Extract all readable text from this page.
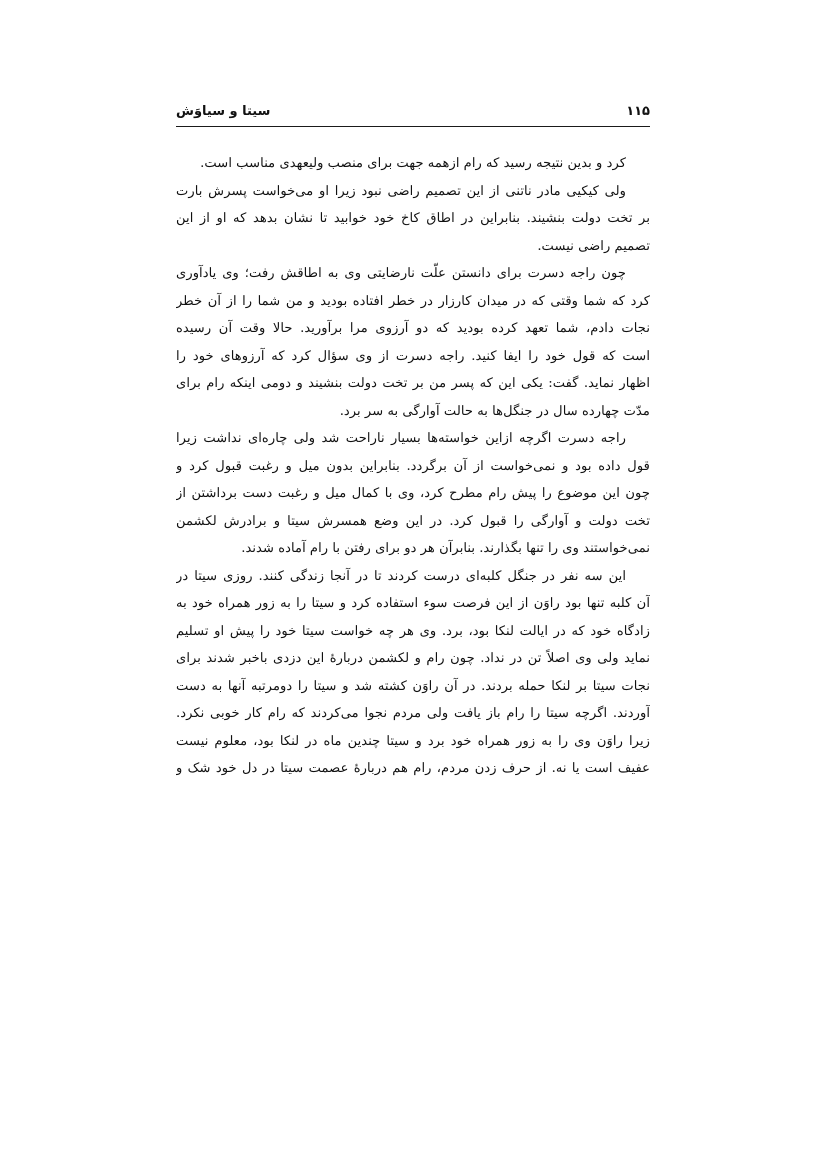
۱۱۵
سیتا و سیاوَش
کرد و بدین نتیجه رسید که رام ازهمه جهت برای منصب ولیعهدی مناسب است.
ولی کیکیی مادر ناتنی از این تصمیم راضی نبود زیرا او می‌خواست پسرش بارت
بر تخت دولت بنشیند. بنابراین در اطاق کاخ خود خوابید تا نشان بدهد که او از این
تصمیم راضی نیست.
چون راجه دسرت برای دانستن علّت نارضایتی وی به اطاقش رفت؛ وی یادآوری
کرد که شما وقتی که در میدان کارزار در خطر افتاده بودید و من شما را از آن خطر
نجات دادم، شما تعهد کرده بودید که دو آرزوی مرا برآورید. حالا وقت آن رسیده
است که قول خود را ایفا کنید. راجه دسرت از وی سؤال کرد که آرزوهای خود را
اظهار نماید. گفت: یکی این که پسر من بر تخت دولت بنشیند و دومی اینکه رام برای
مدّت چهارده سال در جنگل‌ها به حالت آوارگی به سر برد.
راجه دسرت اگرچه ازاین خواسته‌ها بسیار ناراحت شد ولی چاره‌ای نداشت زیرا
قول داده بود و نمی‌خواست از آن برگردد. بنابراین بدون میل و رغبت قبول کرد و
چون این موضوع را پیش رام مطرح کرد، وی با کمال میل و رغبت دست برداشتن از
تخت دولت و آوارگی را قبول کرد. در این وضع همسرش سیتا و برادرش لکشمن
نمی‌خواستند وی را تنها بگذارند. بنابرآن هر دو برای رفتن با رام آماده شدند.
این سه نفر در جنگل کلبه‌ای درست کردند تا در آنجا زندگی کنند. روزی سیتا در
آن کلبه تنها بود راوَن از این فرصت سوء استفاده کرد و سیتا را به زور همراه خود به
زادگاه خود که در ایالت لنکا بود، برد. وی هر چه خواست سیتا خود را پیش او تسلیم
نماید ولی وی اصلاً تن در نداد. چون رام و لکشمن دربارهٔ این دزدی باخبر شدند برای
نجات سیتا بر لنکا حمله بردند. در آن راوَن کشته شد و سیتا را دومرتبه آنها به دست
آوردند. اگرچه سیتا را رام باز یافت ولی مردم نجوا می‌کردند که رام کار خوبی نکرد.
زیرا راوَن وی را به زور همراه خود برد و سیتا چندین ماه در لنکا بود، معلوم نیست
عفیف است یا نه. از حرف زدن مردم، رام هم دربارهٔ عصمت سیتا در دل خود شک و
